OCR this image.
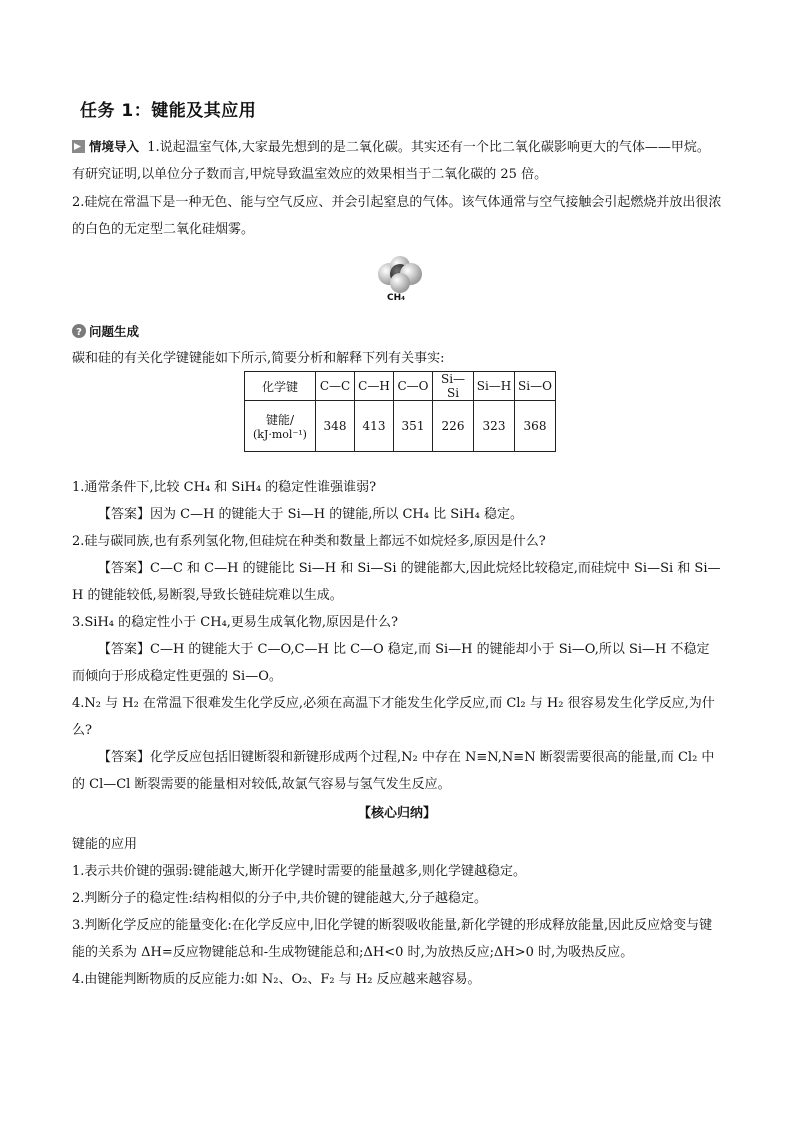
任务 1：键能及其应用
情境导入 1.说起温室气体,大家最先想到的是二氧化碳。其实还有一个比二氧化碳影响更大的气体——甲烷。有研究证明,以单位分子数而言,甲烷导致温室效应的效果相当于二氧化碳的 25 倍。
2.硅烷在常温下是一种无色、能与空气反应、并会引起窒息的气体。该气体通常与空气接触会引起燃烧并放出很浓的白色的无定型二氧化硅烟雾。
CH₄
? 问题生成
碳和硅的有关化学键键能如下所示,简要分析和解释下列有关事实:
化学键	C—C	C—H	C—O	Si—Si	Si—H	Si—O

键能/
(kJ·mol⁻¹)	348	413	351	226	323	368
1.通常条件下,比较 CH₄ 和 SiH₄ 的稳定性谁强谁弱?
【答案】因为 C—H 的键能大于 Si—H 的键能,所以 CH₄ 比 SiH₄ 稳定。
2.硅与碳同族,也有系列氢化物,但硅烷在种类和数量上都远不如烷烃多,原因是什么?
【答案】C—C 和 C—H 的键能比 Si—H 和 Si—Si 的键能都大,因此烷烃比较稳定,而硅烷中 Si—Si 和 Si—H 的键能较低,易断裂,导致长链硅烷难以生成。
3.SiH₄ 的稳定性小于 CH₄,更易生成氧化物,原因是什么?
【答案】C—H 的键能大于 C—O,C—H 比 C—O 稳定,而 Si—H 的键能却小于 Si—O,所以 Si—H 不稳定而倾向于形成稳定性更强的 Si—O。
4.N₂ 与 H₂ 在常温下很难发生化学反应,必须在高温下才能发生化学反应,而 Cl₂ 与 H₂ 很容易发生化学反应,为什么?
【答案】化学反应包括旧键断裂和新键形成两个过程,N₂ 中存在 N≡N,N≡N 断裂需要很高的能量,而 Cl₂ 中的 Cl—Cl 断裂需要的能量相对较低,故氯气容易与氢气发生反应。
【核心归纳】
键能的应用
1.表示共价键的强弱:键能越大,断开化学键时需要的能量越多,则化学键越稳定。
2.判断分子的稳定性:结构相似的分子中,共价键的键能越大,分子越稳定。
3.判断化学反应的能量变化:在化学反应中,旧化学键的断裂吸收能量,新化学键的形成释放能量,因此反应焓变与键能的关系为 ΔH=反应物键能总和-生成物键能总和;ΔH<0 时,为放热反应;ΔH>0 时,为吸热反应。
4.由键能判断物质的反应能力:如 N₂、O₂、F₂ 与 H₂ 反应越来越容易。
